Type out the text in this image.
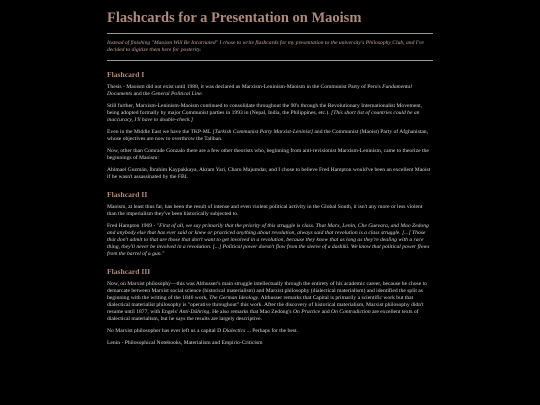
Flashcards for a Presentation on Maoism

Instead of finishing "Maoism Will Be Incarnated" I chose to write flashcards for my presentation to the university's Philosophy Club, and I've decided to digitize them here for posterity.

Flashcard I

Thesis - Maoism did not exist until 1988, it was declared as Marxism-Leninism-Maoism in the Communist Party of Peru's Fundamental Documents and the General Political Line.

Still further, Marxism-Leninism-Maoism continued to consolidate throughout the 90's through the Revolutionary Internationalist Movement, being adopted formally by major Communist parties in 1993 in (Nepal, India, the Philippines, etc.). [This short list of countries could be an inaccuracy, I'll have to double-check.]

Even in the Middle East we have the TKP-ML [Turkish Communist Party Marxist-Leninist] and the Communist (Maoist) Party of Afghanistan, whose objectives are now to overthrow the Taliban.

Now, other than Comrade Gonzalo there are a few other theorists who, beginning from anti-revisionist Marxism-Leninism, came to theorize the beginnings of Maoism:

Abimael Guzmán, İbrahim Kaypakkaya, Akram Yari, Charu Majumdar, and I chose to believe Fred Hampton would've been an excellent Maoist if he wasn't assassinated by the FBI.

Flashcard II

Maoism, at least thus far, has been the result of intense and even violent political activity in the Global South, it isn't any more or less violent than the imperialism they've been historically subjected to.

Fred Hampton 1969 - "First of all, we say primarily that the priority of this struggle is class. That Marx, Lenin, Che Guevara, and Mao Zedong and anybody else that has ever said or knew or practiced anything about revolution, always said that revolution is a class struggle. [...] Those that don't admit to that are those that don't want to get involved in a revolution, because they know that as long as they're dealing with a race thing, they'll never be involved in a revolution. [...] Political power doesn't flow from the sleeve of a dashiki. We know that political power flows from the barrel of a gun."

Flashcard III

Now, on Marxist philosophy—this was Althusser's main struggle intellectually through the entirety of his academic career, because he chose to demarcate between Marxist social science (historical materialism) and Marxist philosophy (dialectical materialism) and identified the split as beginning with the writing of the 1846 work, The German Ideology. Althusser remarks that Capital is primarily a scientific work but that dialectical materialist philosophy is "operative throughout" this work. After the discovery of historical materialism, Marxist philosophy didn't resume until 1877, with Engels' Anti-Dühring. He also remarks that Mao Zedong's On Practice and On Contradiction are excellent texts of dialectical materialism, but he says the results are largely descriptive.

No Marxist philosopher has ever left us a capital D Dialectics ... Perhaps for the best.

Lenin - Philosophical Notebooks, Materialism and Empirio-Criticism
